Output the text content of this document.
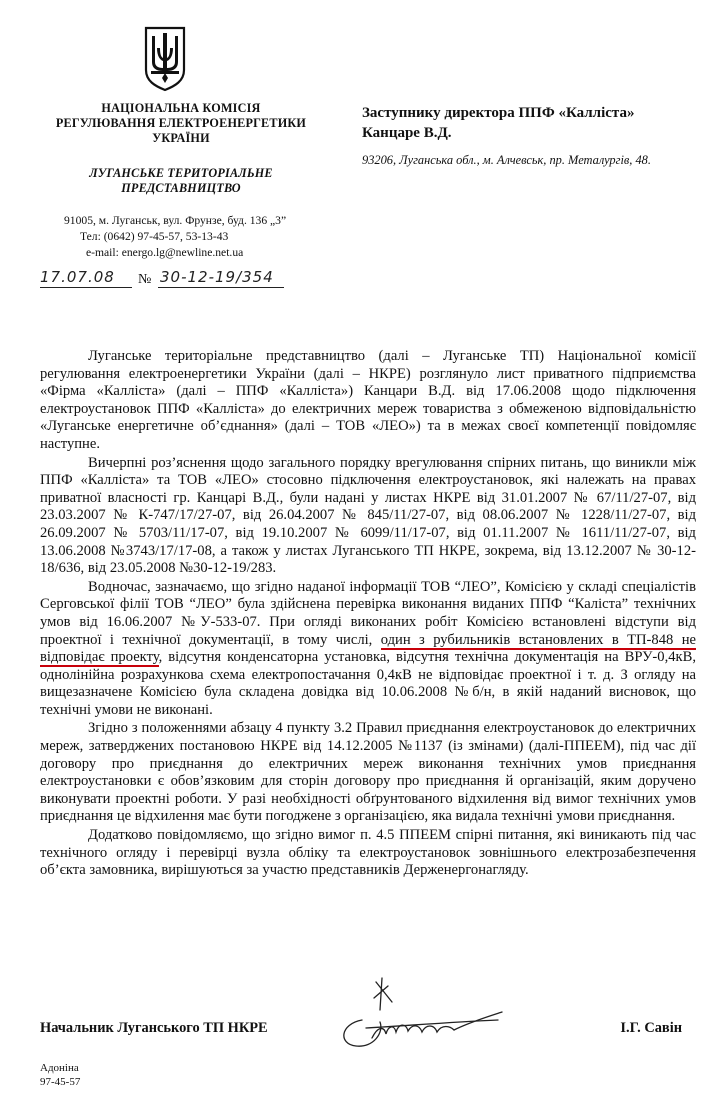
НАЦІОНАЛЬНА КОМІСІЯ
РЕГУЛЮВАННЯ ЕЛЕКТРОЕНЕРГЕТИКИ
УКРАЇНИ
ЛУГАНСЬКЕ ТЕРИТОРІАЛЬНЕ
ПРЕДСТАВНИЦТВО
91005, м. Луганськ, вул. Фрунзе, буд. 136 „3”
Тел: (0642) 97-45-57, 53-13-43
e-mail: energo.lg@newline.net.ua
17.07.08 № 30-12-19/354
Заступнику директора ППФ «Калліста»
Канцаре В.Д.
93206, Луганська обл., м. Алчевськ, пр. Металургів, 48.

Луганське територіальне представництво (далі – Луганське ТП) Національної комісії регулювання електроенергетики України (далі – НКРЕ) розглянуло лист приватного підприємства «Фірма «Калліста» (далі – ППФ «Калліста») Канцари В.Д. від 17.06.2008 щодо підключення електроустановок ППФ «Калліста» до електричних мереж товариства з обмеженою відповідальністю «Луганське енергетичне об’єднання» (далі – ТОВ «ЛЕО») та в межах своєї компетенції повідомляє наступне.

Вичерпні роз’яснення щодо загального порядку врегулювання спірних питань, що виникли між ППФ «Калліста» та ТОВ «ЛЕО» стосовно підключення електроустановок, які належать на правах приватної власності гр. Канцарі В.Д., були надані у листах НКРЕ від 31.01.2007 № 67/11/27-07, від 23.03.2007 № К-747/17/27-07, від 26.04.2007 № 845/11/27-07, від 08.06.2007 № 1228/11/27-07, від 26.09.2007 № 5703/11/17-07, від 19.10.2007 № 6099/11/17-07, від 01.11.2007 № 1611/11/27-07, від 13.06.2008 №3743/17/17-08, а також у листах Луганського ТП НКРЕ, зокрема, від 13.12.2007 № 30-12-18/636, від 23.05.2008 №30-12-19/283.

Водночас, зазначаємо, що згідно наданої інформації ТОВ “ЛЕО”, Комісією у складі спеціалістів Серговської філії ТОВ “ЛЕО” була здійснена перевірка виконання виданих ППФ “Каліста” технічних умов від 16.06.2007 №У-533-07. При огляді виконаних робіт Комісією встановлені відступи від проектної і технічної документації, в тому числі, один з рубильників встановлених в ТП-848 не відповідає проекту, відсутня конденсаторна установка, відсутня технічна документація на ВРУ-0,4кВ, однолінійна розрахункова схема електропостачання 0,4кВ не відповідає проектної і т. д. З огляду на вищезазначене Комісією була складена довідка від 10.06.2008 №б/н, в якій наданий висновок, що технічні умови не виконані.

Згідно з положеннями абзацу 4 пункту 3.2 Правил приєднання електроустановок до електричних мереж, затверджених постановою НКРЕ від 14.12.2005 №1137 (із змінами) (далі-ППЕЕМ), під час дії договору про приєднання до електричних мереж виконання технічних умов приєднання електроустановки є обов’язковим для сторін договору про приєднання й організацій, яким доручено виконувати проектні роботи. У разі необхідності обґрунтованого відхилення від вимог технічних умов приєднання це відхилення має бути погоджене з організацією, яка видала технічні умови приєднання.

Додатково повідомляємо, що згідно вимог п. 4.5 ППЕЕМ спірні питання, які виникають під час технічного огляду і перевірці вузла обліку та електроустановок зовнішнього електрозабезпечення об’єкта замовника, вирішуються за участю представників Держенергонагляду.

Начальник Луганського ТП НКРЕ	І.Г. Савін
Адоніна
97-45-57
